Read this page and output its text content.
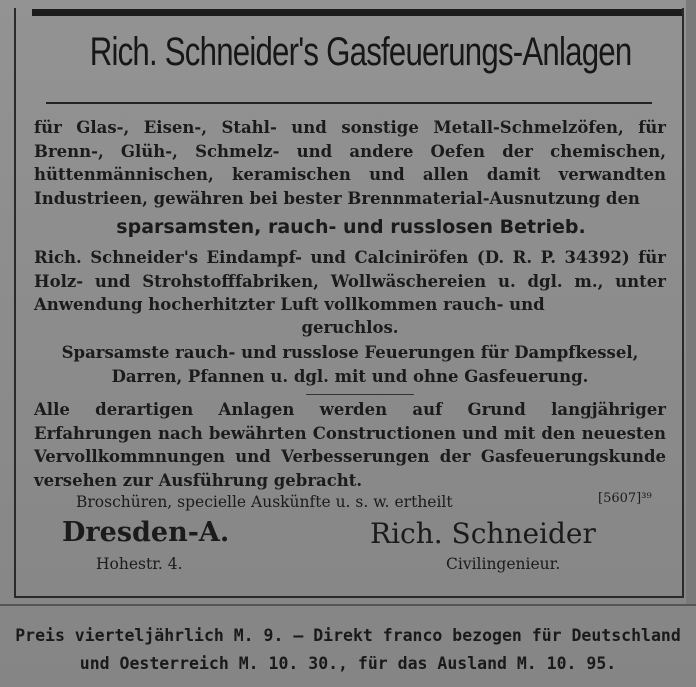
Rich. Schneider's Gasfeuerungs-Anlagen
für Glas-, Eisen-, Stahl- und sonstige Metall-Schmelzöfen, für Brenn-, Glüh-, Schmelz- und andere Oefen der chemischen, hüttenmännischen, keramischen und allen damit verwandten Industrieen, gewähren bei bester Brennmaterial-Ausnutzung den
sparsamsten, rauch- und russlosen Betrieb.
Rich. Schneider's Eindampf- und Calciniröfen (D. R. P. 34392) für Holz- und Strohstofffabriken, Wollwäschereien u. dgl. m., unter Anwendung hocherhitzter Luft vollkommen rauch- und
geruchlos.
Sparsamste rauch- und russlose Feuerungen für Dampfkessel,
Darren, Pfannen u. dgl. mit und ohne Gasfeuerung.
Alle derartigen Anlagen werden auf Grund langjähriger Erfahrungen nach bewährten Constructionen und mit den neuesten Vervollkommnungen und Verbesserungen der Gasfeuerungskunde versehen zur Ausführung gebracht.
Broschüren, specielle Auskünfte u. s. w. ertheilt	[5607]³⁹
Dresden-A.
Hohestr. 4.
Rich. Schneider
Civilingenieur.
Preis vierteljährlich M. 9. — Direkt franco bezogen für Deutschland
und Oesterreich M. 10. 30., für das Ausland M. 10. 95.
